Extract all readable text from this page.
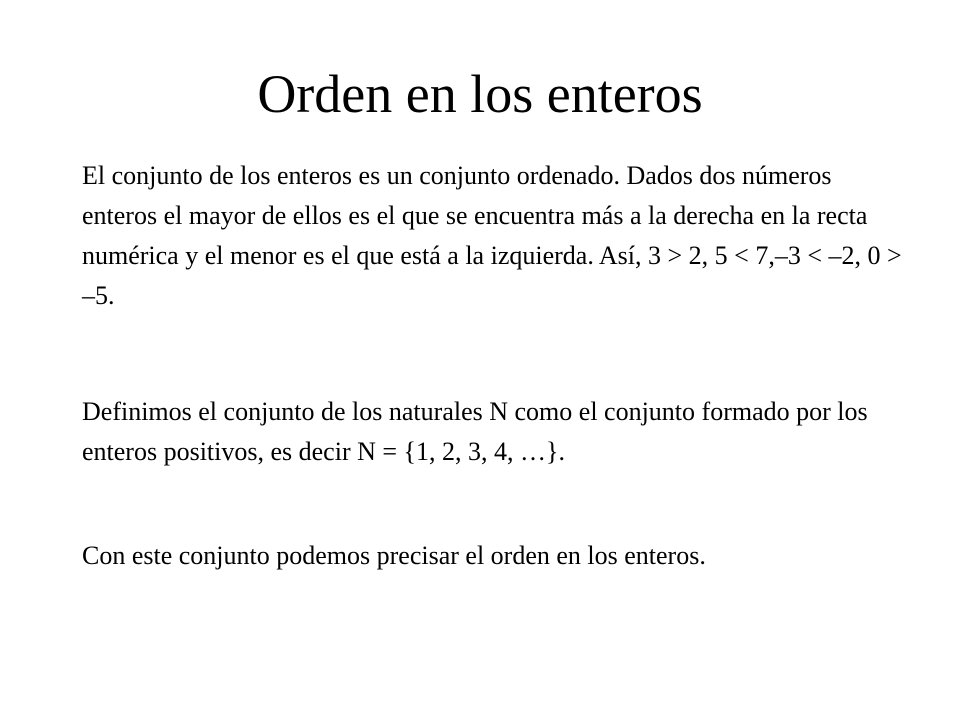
Orden en los enteros

El conjunto de los enteros es un conjunto ordenado. Dados dos números enteros el mayor de ellos es el que se encuentra más a la derecha en la recta numérica y el menor es el que está a la izquierda. Así, 3 > 2, 5 < 7,–3 < –2, 0 > –5.

Definimos el conjunto de los naturales N como el conjunto formado por los enteros positivos, es decir N = {1, 2, 3, 4, …}.

Con este conjunto podemos precisar el orden en los enteros.
